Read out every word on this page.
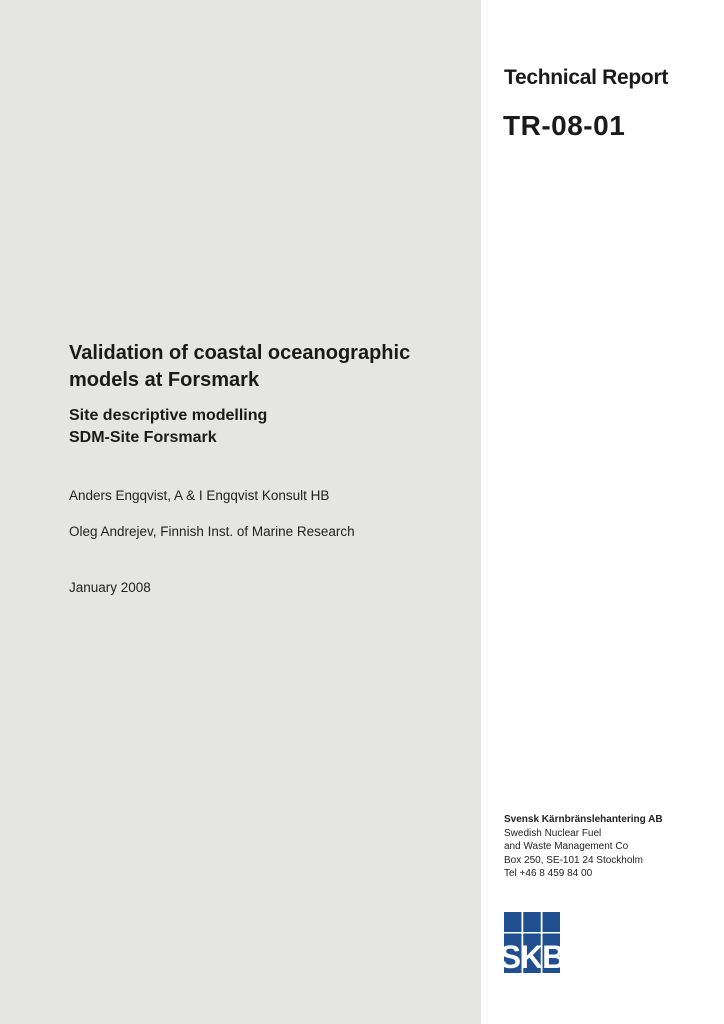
Technical Report
TR-08-01
Validation of coastal oceanographic
models at Forsmark
Site descriptive modelling
SDM-Site Forsmark
Anders Engqvist, A & I Engqvist Konsult HB
Oleg Andrejev, Finnish Inst. of Marine Research
January 2008
Svensk Kärnbränslehantering AB
Swedish Nuclear Fuel
and Waste Management Co
Box 250, SE-101 24 Stockholm
Tel +46 8 459 84 00
SKB
